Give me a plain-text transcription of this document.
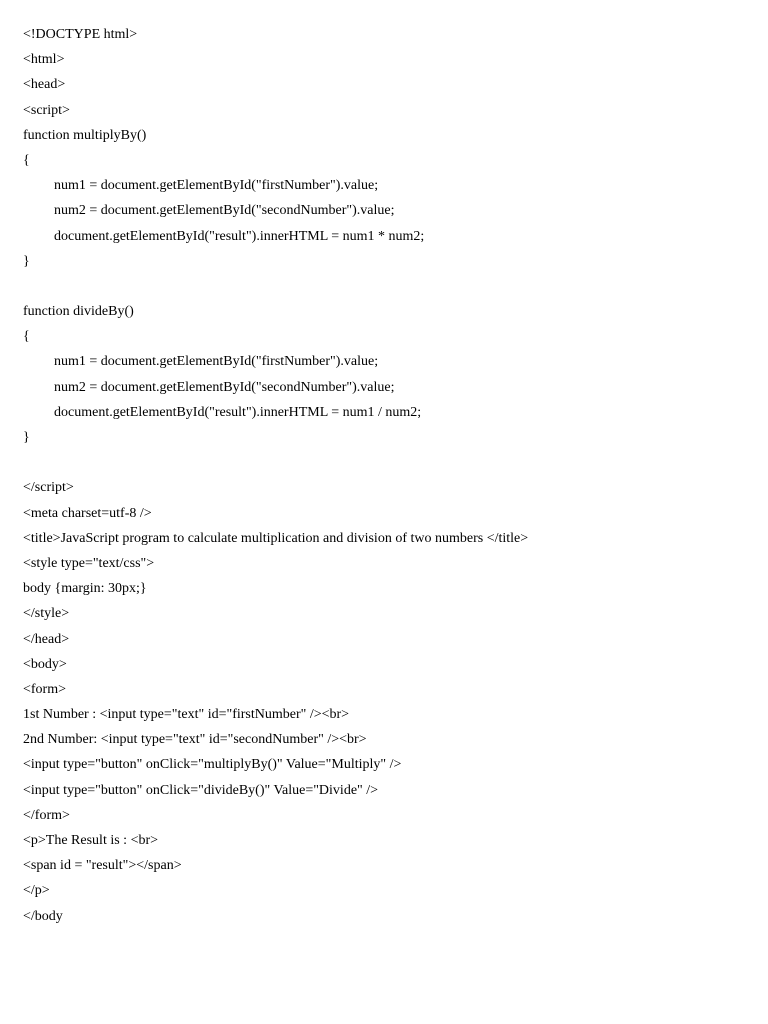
<!DOCTYPE html>
<html>
<head>
<script>
function multiplyBy()
{
num1 = document.getElementById("firstNumber").value;
num2 = document.getElementById("secondNumber").value;
document.getElementById("result").innerHTML = num1 * num2;
}
function divideBy()
{
num1 = document.getElementById("firstNumber").value;
num2 = document.getElementById("secondNumber").value;
document.getElementById("result").innerHTML = num1 / num2;
}
</script>
<meta charset=utf-8 />
<title>JavaScript program to calculate multiplication and division of two numbers </title>
<style type="text/css">
body {margin: 30px;}
</style>
</head>
<body>
<form>
1st Number : <input type="text" id="firstNumber" /><br>
2nd Number: <input type="text" id="secondNumber" /><br>
<input type="button" onClick="multiplyBy()" Value="Multiply" />
<input type="button" onClick="divideBy()" Value="Divide" />
</form>
<p>The Result is : <br>
<span id = "result"></span>
</p>
</body
